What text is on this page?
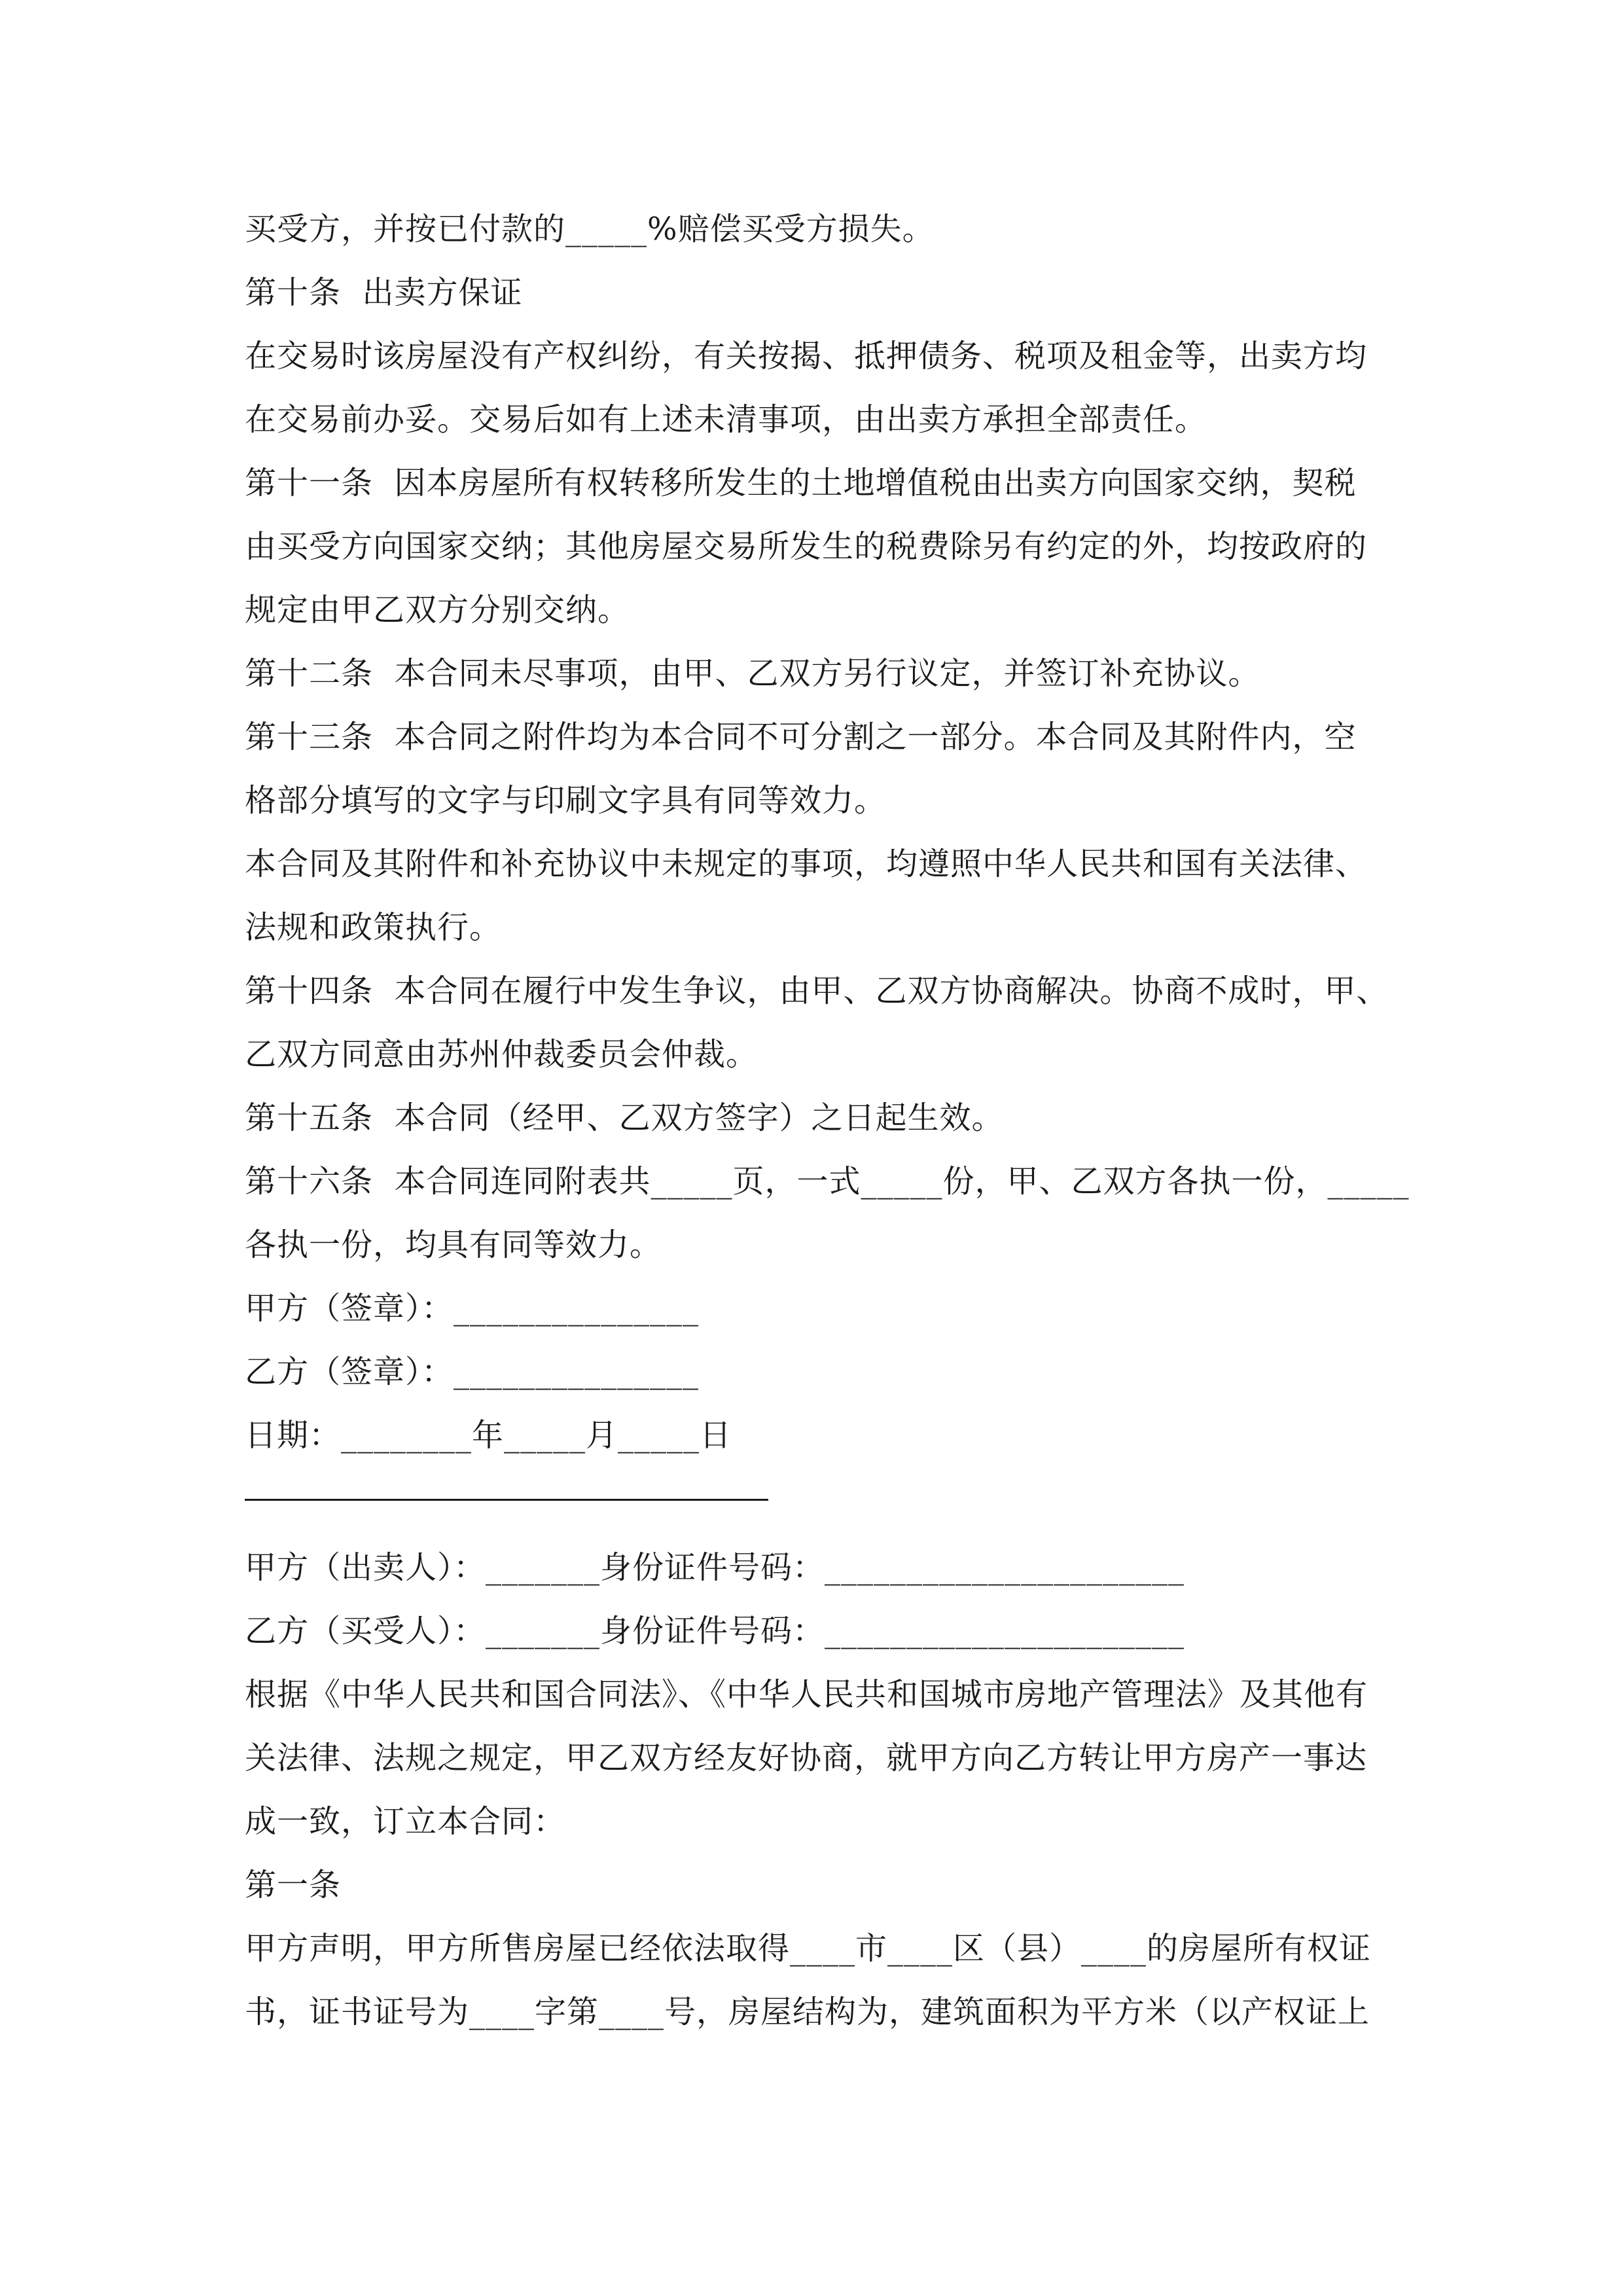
买受方，并按已付款的_____%赔偿买受方损失。
第十条  出卖方保证
在交易时该房屋没有产权纠纷，有关按揭、抵押债务、税项及租金等，出卖方均
在交易前办妥。交易后如有上述未清事项，由出卖方承担全部责任。
第十一条  因本房屋所有权转移所发生的土地增值税由出卖方向国家交纳，契税
由买受方向国家交纳；其他房屋交易所发生的税费除另有约定的外，均按政府的
规定由甲乙双方分别交纳。
第十二条  本合同未尽事项，由甲、乙双方另行议定，并签订补充协议。
第十三条  本合同之附件均为本合同不可分割之一部分。本合同及其附件内，空
格部分填写的文字与印刷文字具有同等效力。
本合同及其附件和补充协议中未规定的事项，均遵照中华人民共和国有关法律、
法规和政策执行。
第十四条  本合同在履行中发生争议，由甲、乙双方协商解决。协商不成时，甲、
乙双方同意由苏州仲裁委员会仲裁。
第十五条  本合同（经甲、乙双方签字）之日起生效。
第十六条  本合同连同附表共_____页，一式_____份，甲、乙双方各执一份，_____
各执一份，均具有同等效力。
甲方（签章）：_______________
乙方（签章）：_______________
日期：________年_____月_____日
甲方（出卖人）：_______身份证件号码：______________________
乙方（买受人）：_______身份证件号码：______________________
根据《中华人民共和国合同法》、《中华人民共和国城市房地产管理法》及其他有
关法律、法规之规定，甲乙双方经友好协商，就甲方向乙方转让甲方房产一事达
成一致，订立本合同：
第一条
甲方声明，甲方所售房屋已经依法取得____市____区（县）____的房屋所有权证
书，证书证号为____字第____号，房屋结构为，建筑面积为平方米（以产权证上
